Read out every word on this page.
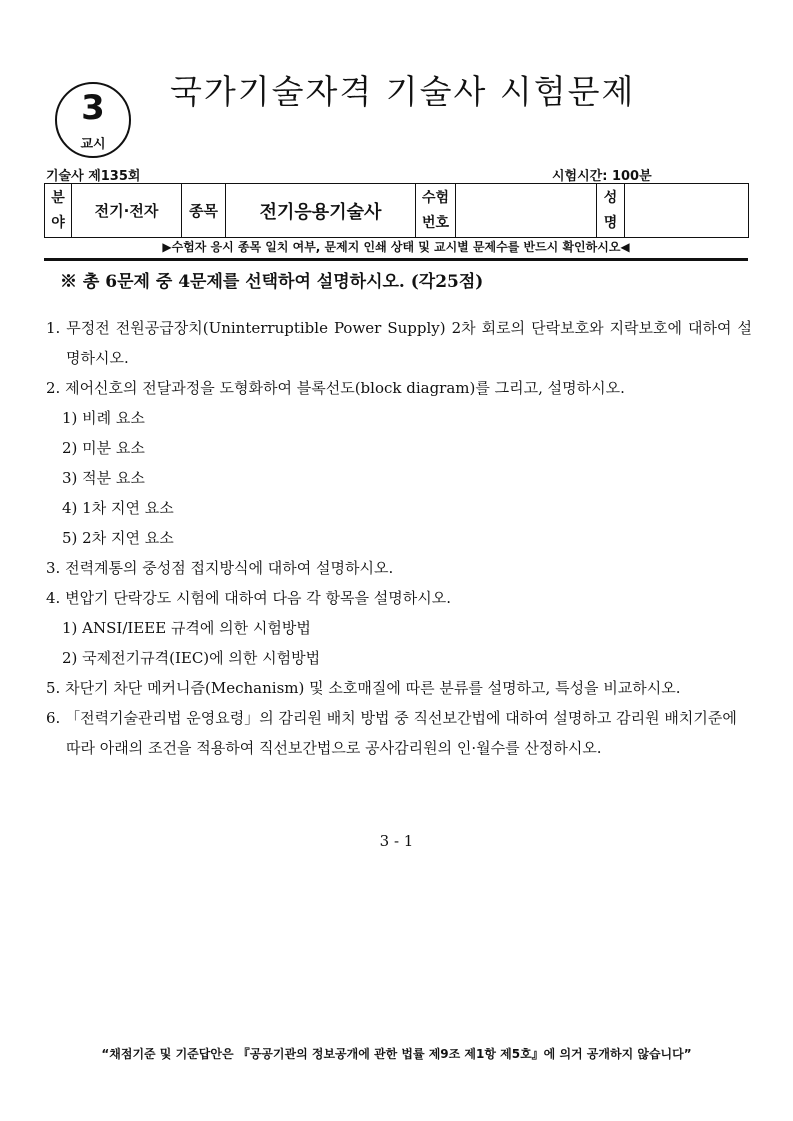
3
교시
국가기술자격 기술사 시험문제
기술사 제135회	시험시간: 100분
분야	전기·전자	종목	전기응용기술사	수험번호		성명	
▶수험자 응시 종목 일치 여부, 문제지 인쇄 상태 및 교시별 문제수를 반드시 확인하시오◀
※ 총 6문제 중 4문제를 선택하여 설명하시오. (각25점)
1. 무정전 전원공급장치(Uninterruptible Power Supply) 2차 회로의 단락보호와 지락보호에 대하여 설명하시오.
2. 제어신호의 전달과정을 도형화하여 블록선도(block diagram)를 그리고, 설명하시오.
1) 비례 요소
2) 미분 요소
3) 적분 요소
4) 1차 지연 요소
5) 2차 지연 요소
3. 전력계통의 중성점 접지방식에 대하여 설명하시오.
4. 변압기 단락강도 시험에 대하여 다음 각 항목을 설명하시오.
1) ANSI/IEEE 규격에 의한 시험방법
2) 국제전기규격(IEC)에 의한 시험방법
5. 차단기 차단 메커니즘(Mechanism) 및 소호매질에 따른 분류를 설명하고, 특성을 비교하시오.
6. 「전력기술관리법 운영요령」의 감리원 배치 방법 중 직선보간법에 대하여 설명하고 감리원 배치기준에 따라 아래의 조건을 적용하여 직선보간법으로 공사감리원의 인·월수를 산정하시오.
3 - 1
“채점기준 및 기준답안은 『공공기관의 정보공개에 관한 법률 제9조 제1항 제5호』에 의거 공개하지 않습니다”
